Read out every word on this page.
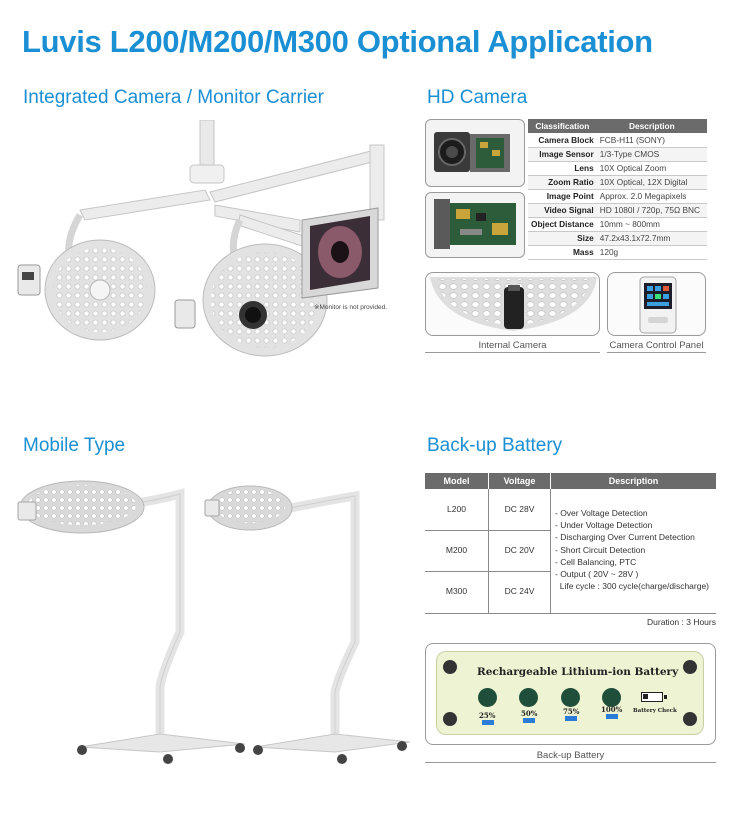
Luvis L200/M200/M300 Optional Application
Integrated Camera / Monitor Carrier	HD Camera
Mobile Type	Back-up Battery
※Monitor is not provided.
Classification	Description
Camera Block	FCB-H11 (SONY)
Image Sensor	1/3-Type CMOS
Lens	10X Optical Zoom
Zoom Ratio	10X Optical, 12X Digital
Image Point	Approx. 2.0 Megapixels
Video Signal	HD 1080I / 720p, 75Ω BNC
Object Distance	10mm ~ 800mm
Size	47.2x43.1x72.7mm
Mass	120g
Internal Camera	Camera Control Panel
Model	Voltage	Description
L200	DC 28V
M200	DC 20V
M300	DC 24V
- Over Voltage Detection
- Under Voltage Detection
- Discharging Over Current Detection
- Short Circuit Detection
- Cell Balancing, PTC
- Output ( 20V ~ 28V )
Life cycle : 300 cycle(charge/discharge)
Duration : 3 Hours
Rechargeable Lithium-ion Battery
25%	50%	75%	100% Battery Check
Back-up Battery
